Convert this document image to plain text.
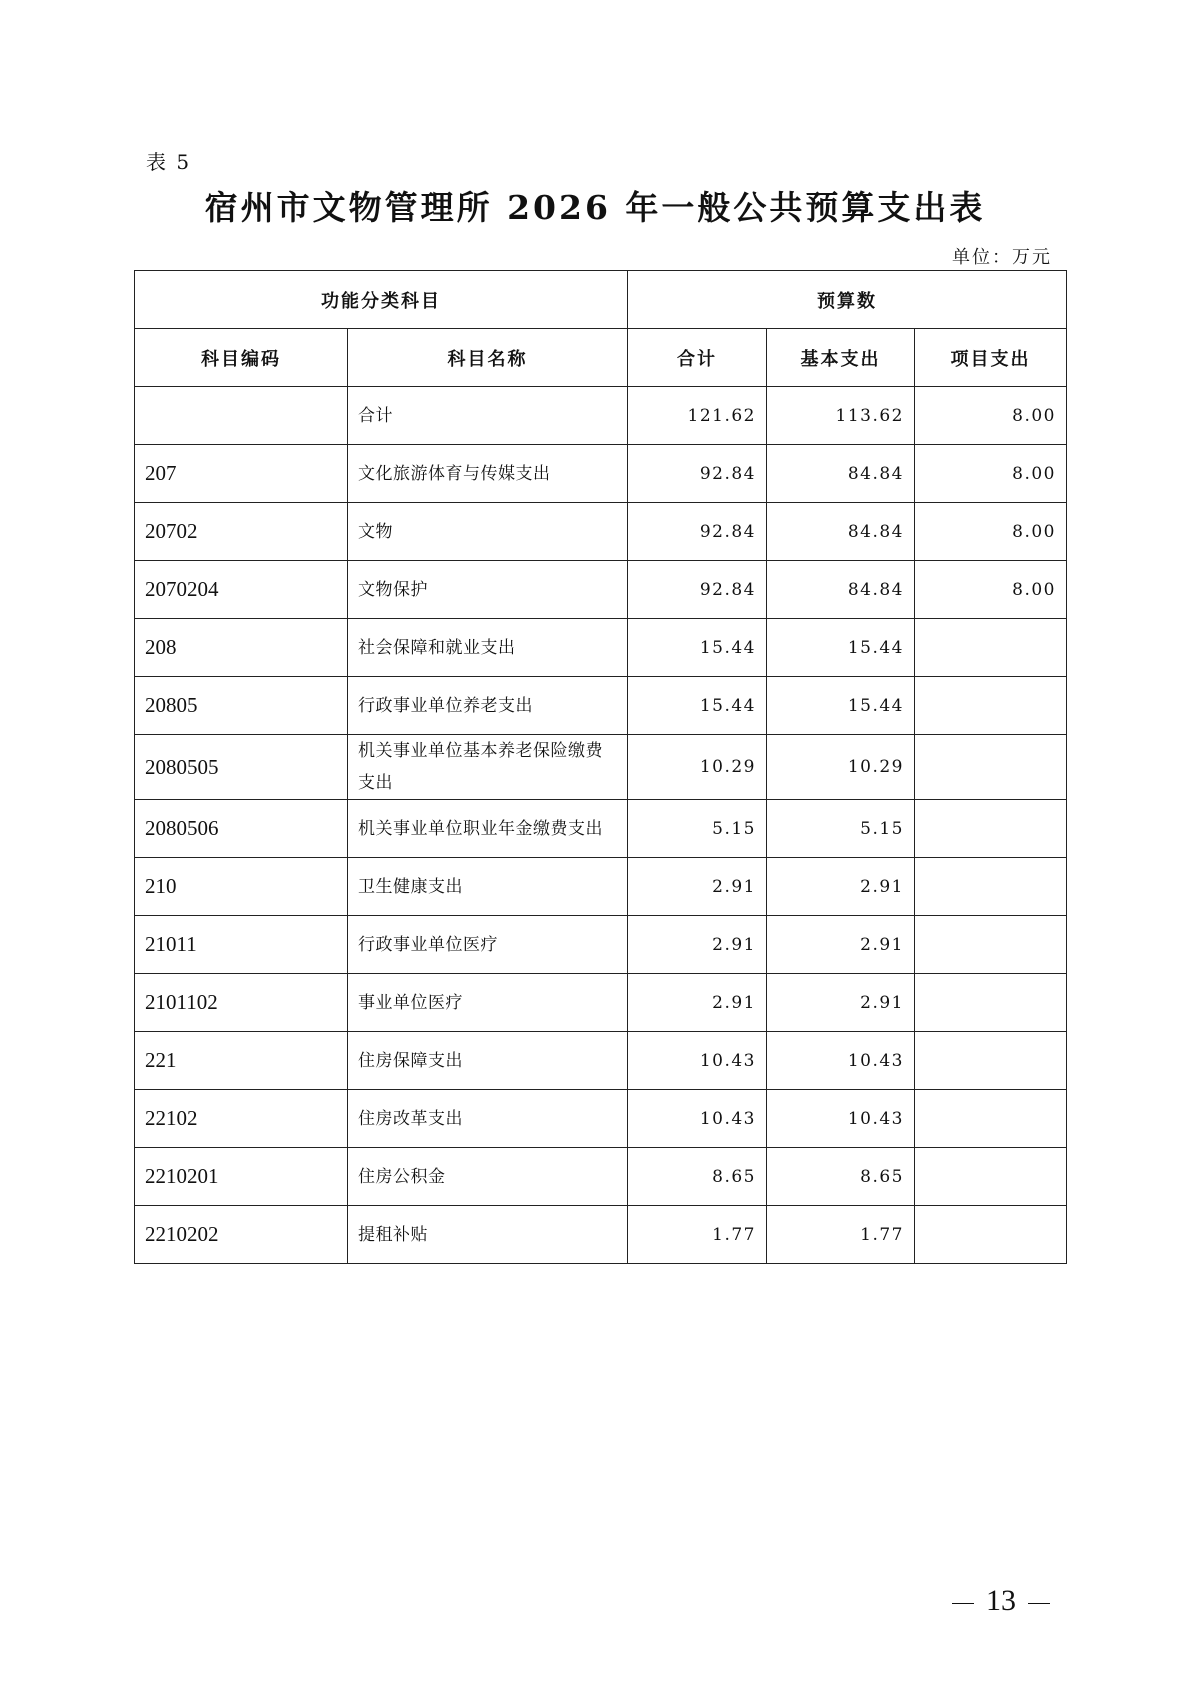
表 5
宿州市文物管理所 2026 年一般公共预算支出表
单位：万元
功能分类科目		预算数		
科目编码	科目名称	合计	基本支出	项目支出
	合计	121.62	113.62	8.00
207	文化旅游体育与传媒支出	92.84	84.84	8.00
20702	文物	92.84	84.84	8.00
2070204	文物保护	92.84	84.84	8.00
208	社会保障和就业支出	15.44	15.44	
20805	行政事业单位养老支出	15.44	15.44	
2080505	机关事业单位基本养老保险缴费支出	10.29	10.29	
2080506	机关事业单位职业年金缴费支出	5.15	5.15	
210	卫生健康支出	2.91	2.91	
21011	行政事业单位医疗	2.91	2.91	
2101102	事业单位医疗	2.91	2.91	
221	住房保障支出	10.43	10.43	
22102	住房改革支出	10.43	10.43	
2210201	住房公积金	8.65	8.65	
2210202	提租补贴	1.77	1.77	
13
